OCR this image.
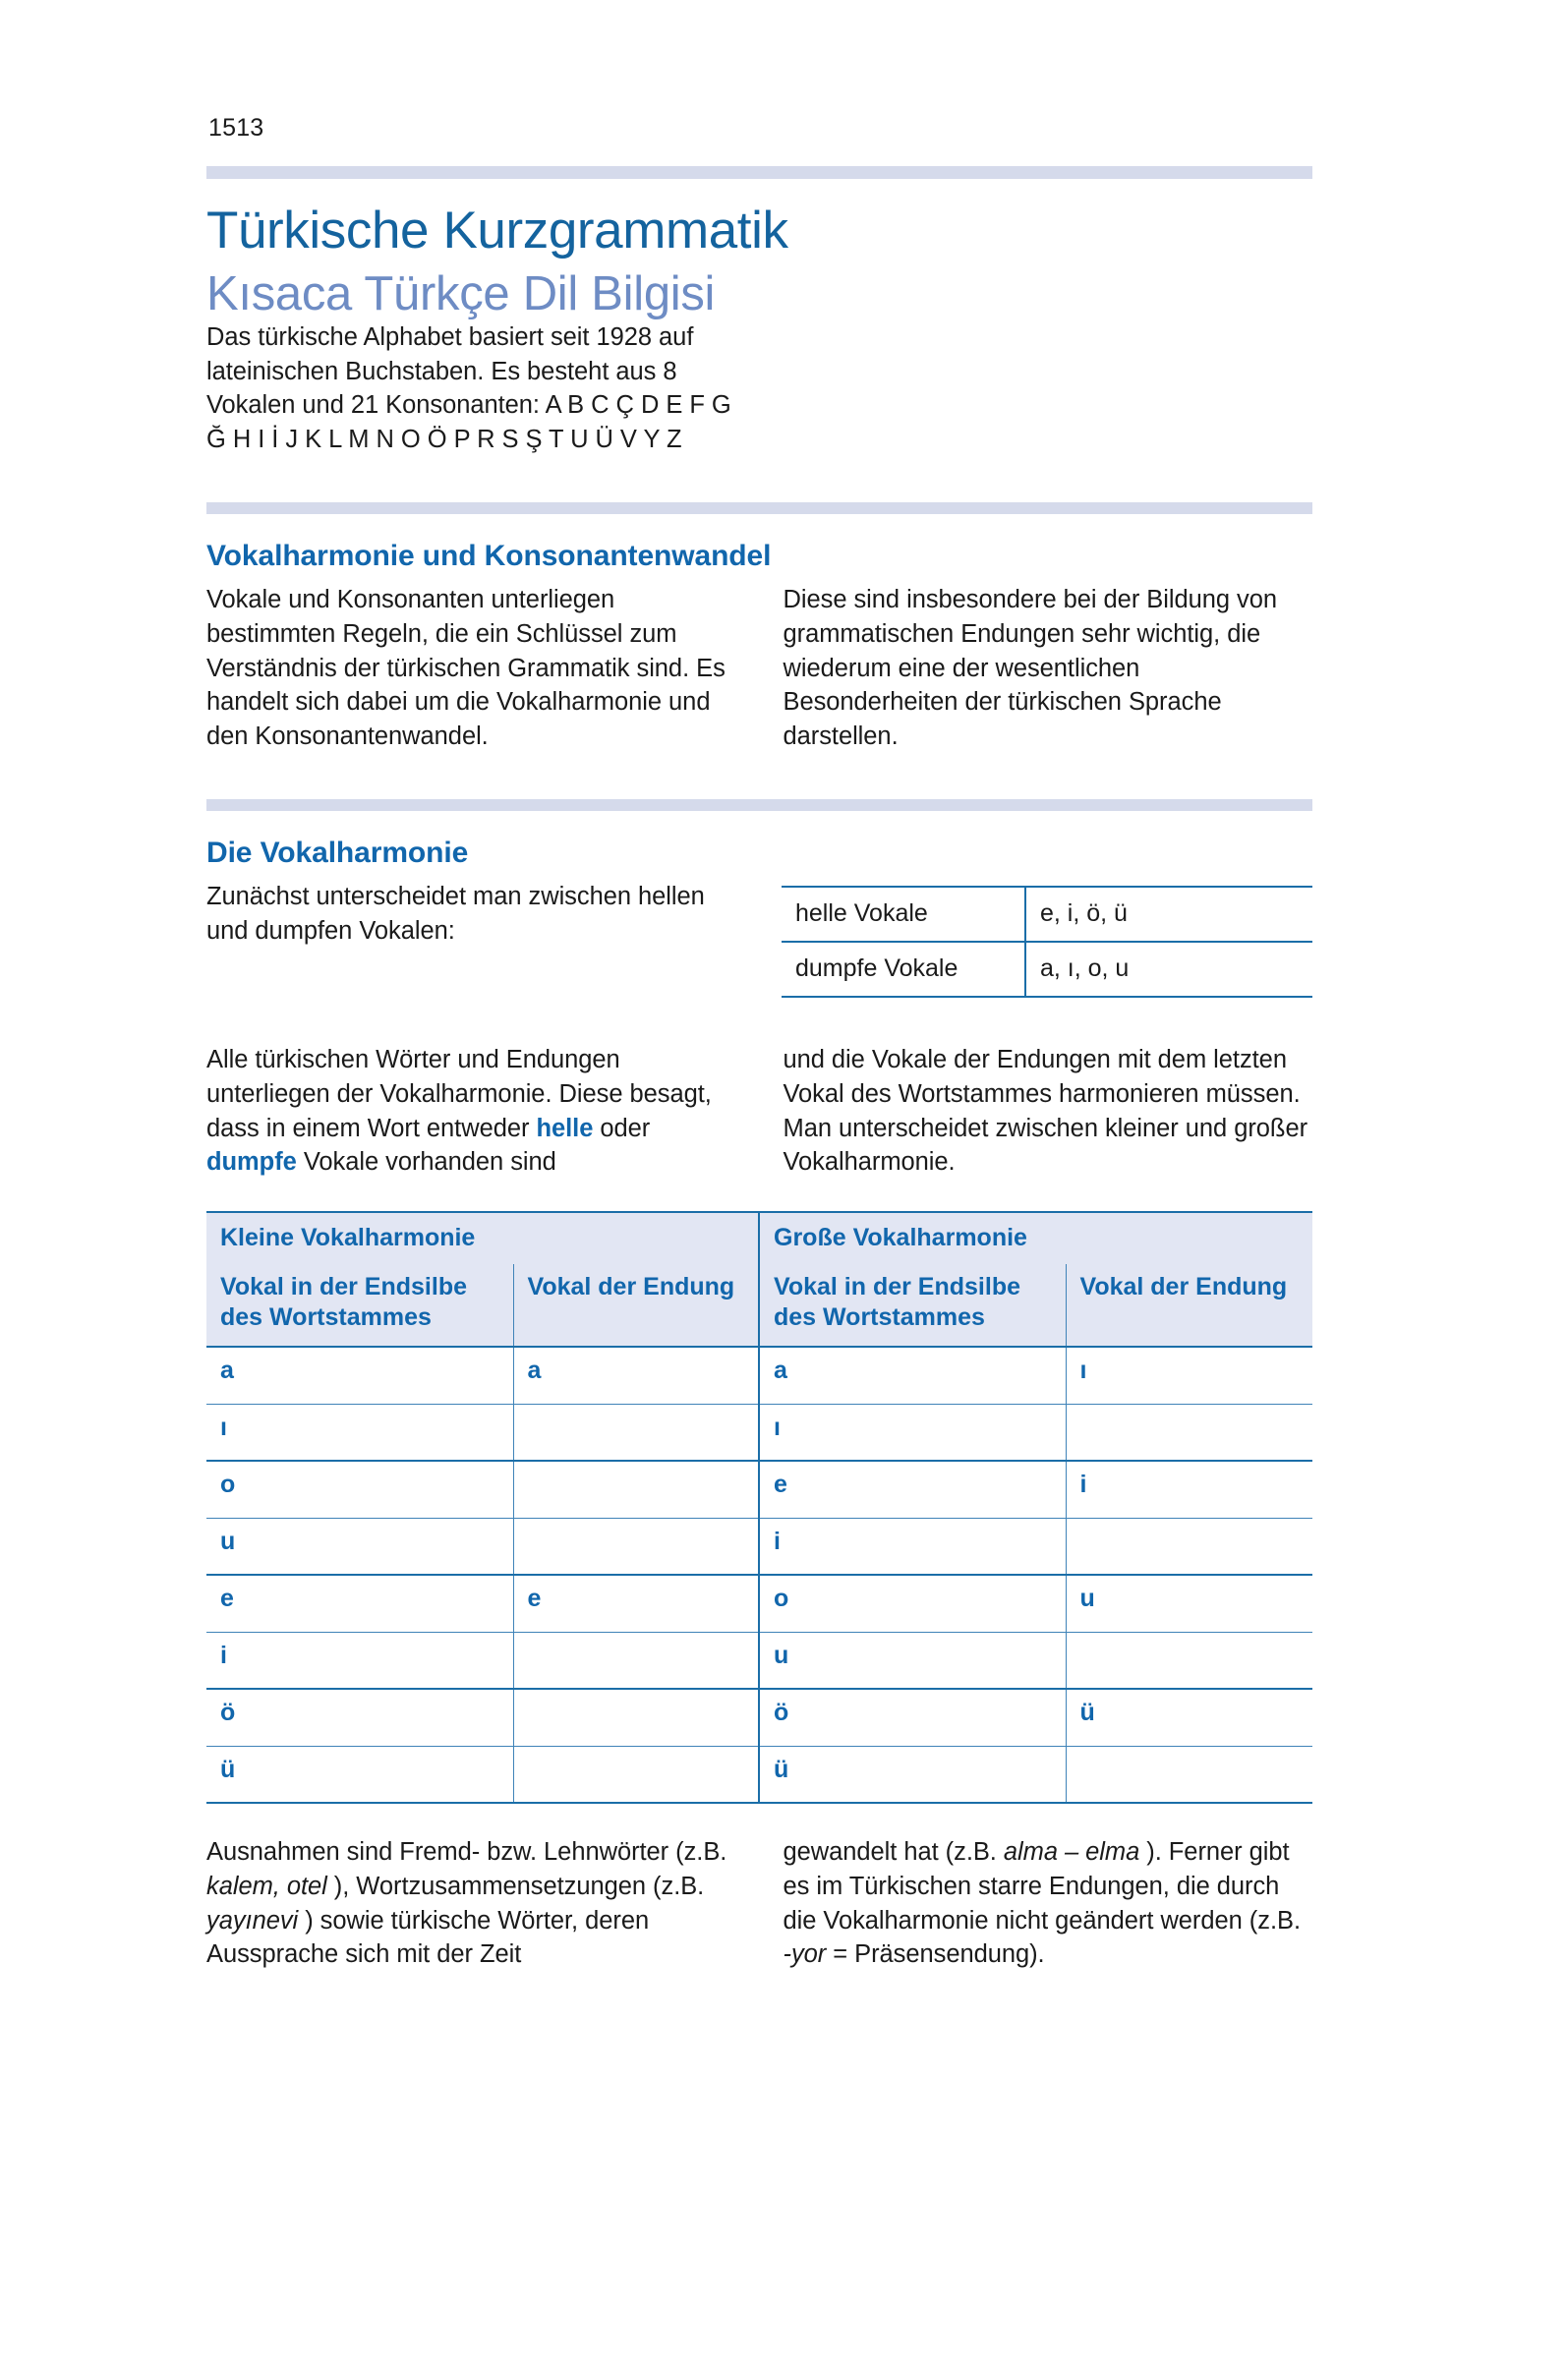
1513
Türkische Kurzgrammatik
Kısaca Türkçe Dil Bilgisi

Das türkische Alphabet basiert seit 1928 auf lateinischen Buchstaben. Es besteht aus 8 Vokalen und 21 Konsonanten: A B C Ç D E F G Ğ H I İ J K L M N O Ö P R S Ş T U Ü V Y Z

Vokalharmonie und Konsonantenwandel

Vokale und Konsonanten unterliegen bestimmten Regeln, die ein Schlüssel zum Verständnis der türkischen Grammatik sind. Es handelt sich dabei um die Vokalharmonie und den Konsonantenwandel.

Diese sind insbesondere bei der Bildung von grammatischen Endungen sehr wichtig, die wiederum eine der wesentlichen Besonderheiten der türkischen Sprache darstellen.

Die Vokalharmonie

Zunächst unterscheidet man zwischen hellen und dumpfen Vokalen:

helle Vokale	e, i, ö, ü
dumpfe Vokale	a, ı, o, u

Alle türkischen Wörter und Endungen unterliegen der Vokalharmonie. Diese besagt, dass in einem Wort entweder helle oder dumpfe Vokale vorhanden sind

und die Vokale der Endungen mit dem letzten Vokal des Wortstammes harmonieren müssen. Man unterscheidet zwischen kleiner und großer Vokalharmonie.

Kleine Vokalharmonie		Große Vokalharmonie	
Vokal in der Endsilbe des Wortstammes	Vokal der Endung	Vokal in der Endsilbe des Wortstammes	Vokal der Endung
a	a	a	ı
ı		ı	
o		e	i
u		i	
e	e	o	u
i		u	
ö		ö	ü
ü		ü	

Ausnahmen sind Fremd- bzw. Lehnwörter (z.B. kalem, otel ), Wortzusammensetzungen (z.B. yayınevi ) sowie türkische Wörter, deren Aussprache sich mit der Zeit

gewandelt hat (z.B. alma – elma ). Ferner gibt es im Türkischen starre Endungen, die durch die Vokalharmonie nicht geändert werden (z.B. -yor = Präsensendung).
